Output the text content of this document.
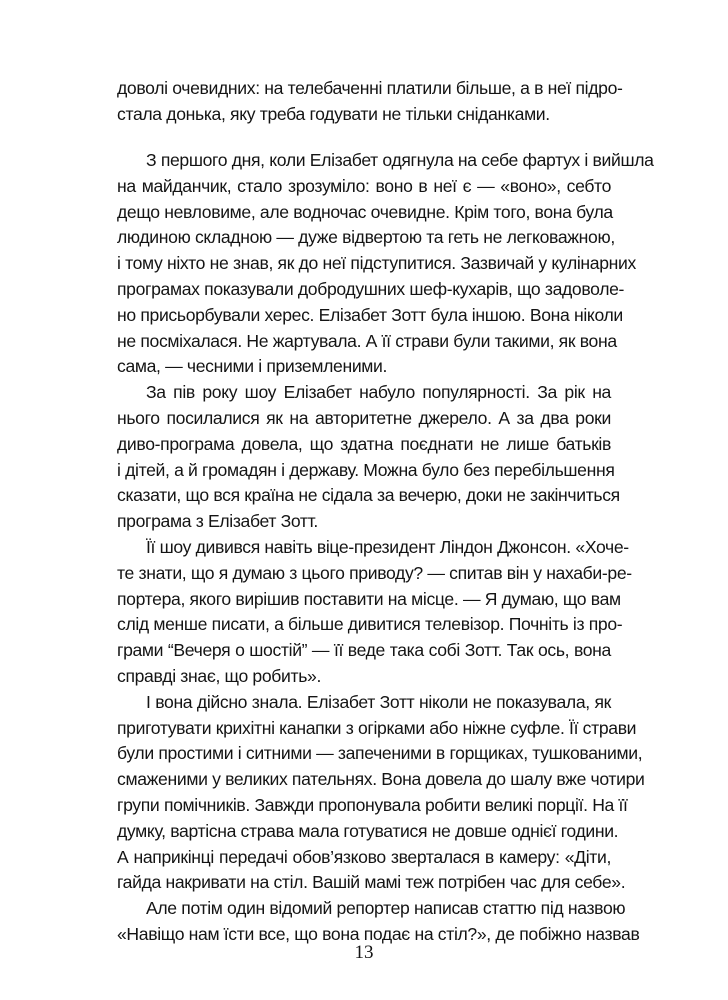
доволі очевидних: на телебаченні платили більше, а в неї підро-
стала донька, яку треба годувати не тільки сніданками.
З першого дня, коли Елізабет одягнула на себе фартух і вийшла
на майданчик, стало зрозуміло: воно в неї є — «воно», себто
дещо невловиме, але водночас очевидне. Крім того, вона була
людиною складною — дуже відвертою та геть не легковажною,
і тому ніхто не знав, як до неї підступитися. Зазвичай у кулінарних
програмах показували добродушних шеф-кухарів, що задоволе-
но присьорбували херес. Елізабет Зотт була іншою. Вона ніколи
не посміхалася. Не жартувала. А її страви були такими, як вона
сама, — чесними і приземленими.
За пів року шоу Елізабет набуло популярності. За рік на
нього посилалися як на авторитетне джерело. А за два роки
диво-програма довела, що здатна поєднати не лише батьків
і дітей, а й громадян і державу. Можна було без перебільшення
сказати, що вся країна не сідала за вечерю, доки не закінчиться
програма з Елізабет Зотт.
Її шоу дивився навіть віце-президент Ліндон Джонсон. «Хоче-
те знати, що я думаю з цього приводу? — спитав він у нахаби-ре-
портера, якого вирішив поставити на місце. — Я думаю, що вам
слід менше писати, а більше дивитися телевізор. Почніть із про-
грами “Вечеря о шостій” — її веде така собі Зотт. Так ось, вона
справді знає, що робить».
І вона дійсно знала. Елізабет Зотт ніколи не показувала, як
приготувати крихітні канапки з огірками або ніжне суфле. Її страви
були простими і ситними — запеченими в горщиках, тушкованими,
смаженими у великих пательнях. Вона довела до шалу вже чотири
групи помічників. Завжди пропонувала робити великі порції. На її
думку, вартісна страва мала готуватися не довше однієї години.
А наприкінці передачі обов’язково зверталася в камеру: «Діти,
гайда накривати на стіл. Вашій мамі теж потрібен час для себе».
Але потім один відомий репортер написав статтю під назвою
«Навіщо нам їсти все, що вона подає на стіл?», де побіжно назвав
13
